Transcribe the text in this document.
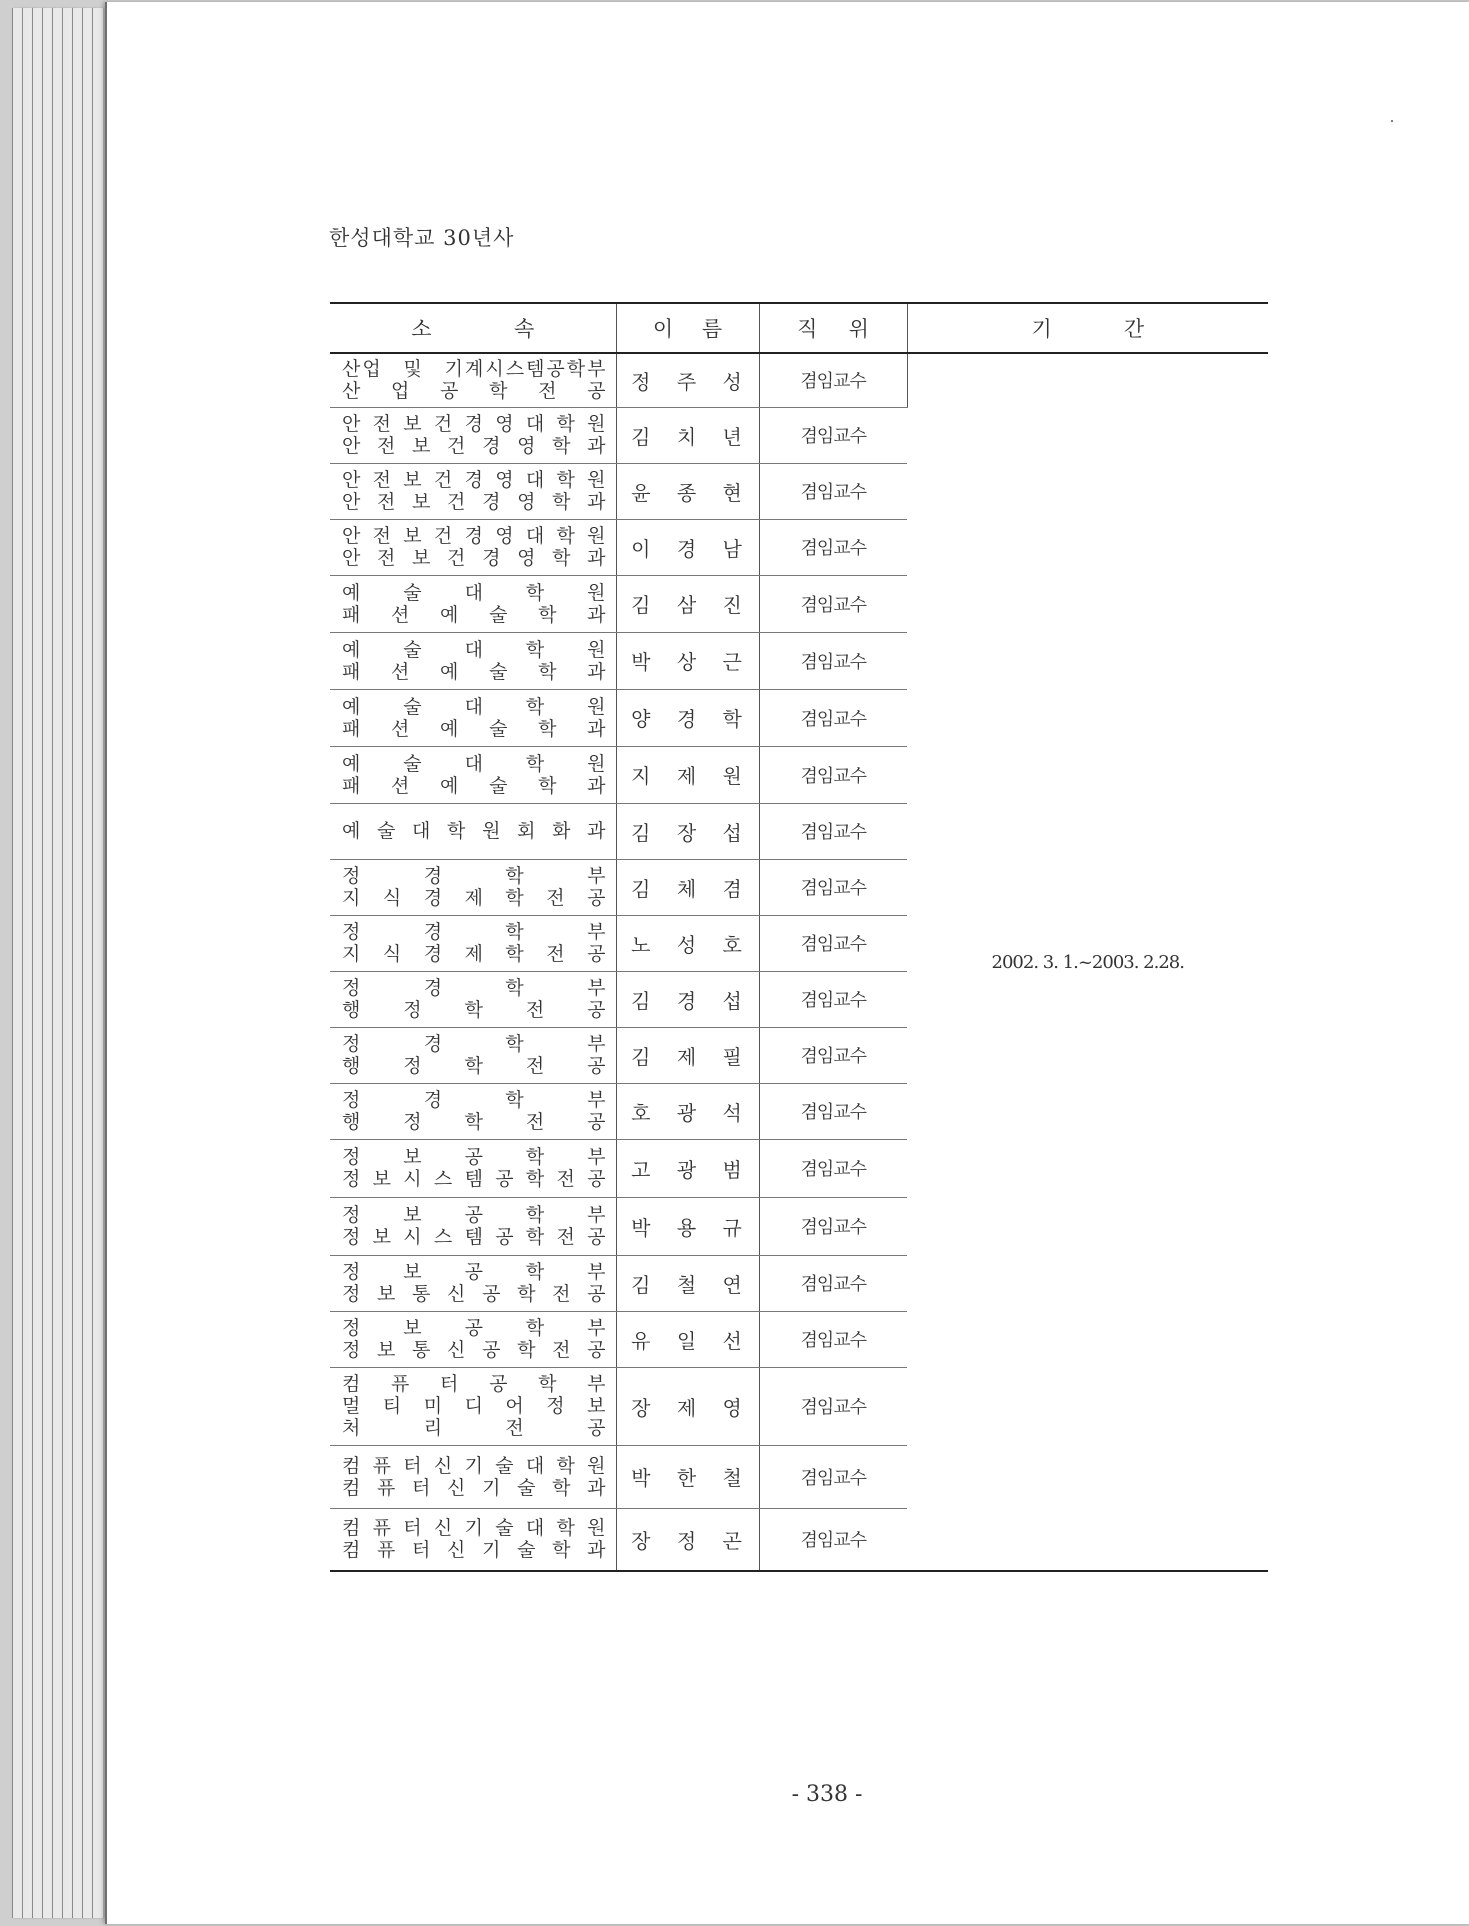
한성대학교 30년사
소 속	이 름	직 위	기 간

산업 및 기계시스템공학부
산 업 공 학 전 공	정 주 성	겸임교수	2002. 3. 1.~2003. 2.28.

안 전 보 건 경 영 대 학 원
안 전 보 건 경 영 학 과	김 치 년	겸임교수	

안 전 보 건 경 영 대 학 원
안 전 보 건 경 영 학 과	윤 종 현	겸임교수	

안 전 보 건 경 영 대 학 원
안 전 보 건 경 영 학 과	이 경 남	겸임교수	

예 술 대 학 원
패 션 예 술 학 과	김 삼 진	겸임교수	

예 술 대 학 원
패 션 예 술 학 과	박 상 근	겸임교수	

예 술 대 학 원
패 션 예 술 학 과	양 경 학	겸임교수	

예 술 대 학 원
패 션 예 술 학 과	지 제 원	겸임교수	

예 술 대 학 원 회 화 과	김 장 섭	겸임교수	

정 경 학 부
지 식 경 제 학 전 공	김 체 겸	겸임교수	

정 경 학 부
지 식 경 제 학 전 공	노 성 호	겸임교수	

정 경 학 부
행 정 학 전 공	김 경 섭	겸임교수	

정 경 학 부
행 정 학 전 공	김 제 필	겸임교수	

정 경 학 부
행 정 학 전 공	호 광 석	겸임교수	

정 보 공 학 부
정 보 시 스 템 공 학 전 공	고 광 범	겸임교수	

정 보 공 학 부
정 보 시 스 템 공 학 전 공	박 용 규	겸임교수	

정 보 공 학 부
정 보 통 신 공 학 전 공	김 철 연	겸임교수	

정 보 공 학 부
정 보 통 신 공 학 전 공	유 일 선	겸임교수	

컴 퓨 터 공 학 부
멀 티 미 디 어 정 보
처 리 전 공	장 제 영	겸임교수	

컴 퓨 터 신 기 술 대 학 원
컴 퓨 터 신 기 술 학 과	박 한 철	겸임교수	

컴 퓨 터 신 기 술 대 학 원
컴 퓨 터 신 기 술 학 과	장 정 곤	겸임교수	
- 338 -
